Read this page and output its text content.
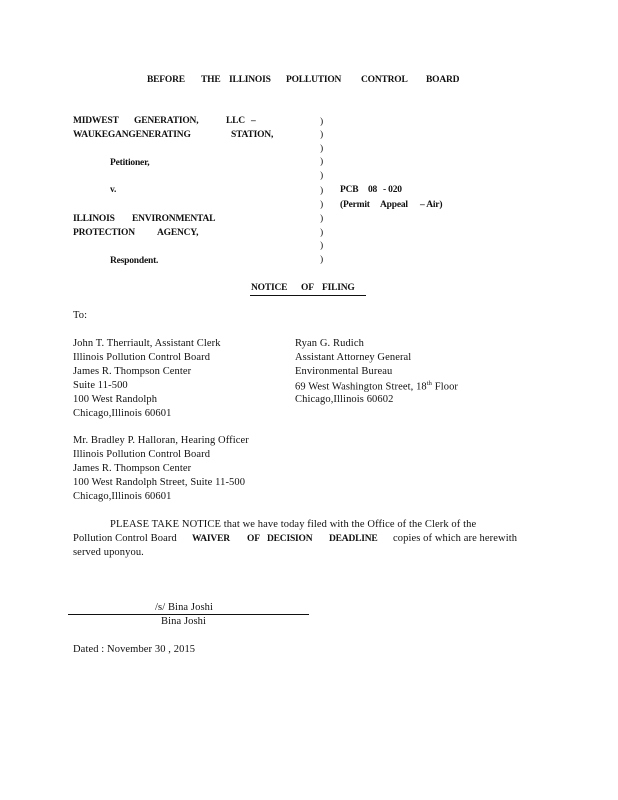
BEFORE THE ILLINOIS POLLUTION CONTROL BOARD
MIDWEST GENERATION,	LLC –
WAUKEGANGENERATING	STATION,
Petitioner,
v.
ILLINOIS ENVIRONMENTAL
PROTECTION AGENCY,
Respondent.
)
)
)
)
)
)
)
)
)
)
)
PCB 08 - 020
(Permit Appeal – Air)
NOTICE OF FILING
To:
John T. Therriault, Assistant Clerk
Illinois Pollution Control Board
James R. Thompson Center
Suite 11-500
100 West Randolph
Chicago,Illinois 60601
Ryan G. Rudich
Assistant Attorney General
Environmental Bureau
69 West Washington Street, 18th Floor
Chicago,Illinois 60602
Mr. Bradley P. Halloran, Hearing Officer
Illinois Pollution Control Board
James R. Thompson Center
100 West Randolph Street, Suite 11-500
Chicago,Illinois 60601
PLEASE TAKE NOTICE that we have today filed with the Office of the Clerk of the
Pollution Control Board WAIVER OF DECISION DEADLINE copies of which are herewith
served uponyou.
/s/ Bina Joshi
Bina Joshi
Dated : November 30 , 2015
